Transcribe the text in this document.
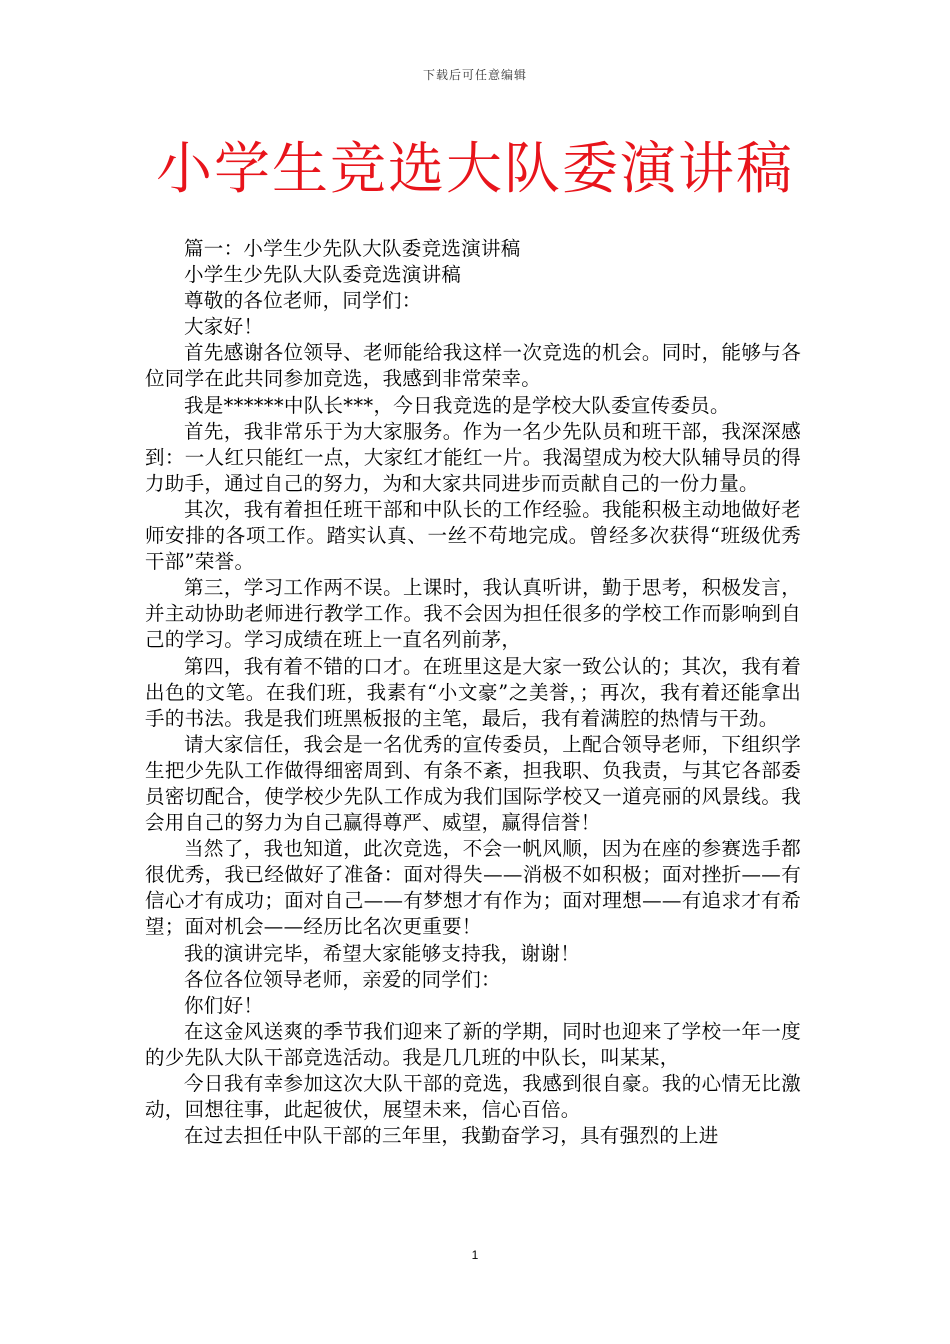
下载后可任意编辑
小学生竞选大队委演讲稿

篇一：小学生少先队大队委竞选演讲稿

小学生少先队大队委竞选演讲稿

尊敬的各位老师，同学们：

大家好！

首先感谢各位领导、老师能给我这样一次竞选的机会。同时，能够与各位同学在此共同参加竞选，我感到非常荣幸。

我是******中队长***，今日我竞选的是学校大队委宣传委员。

首先，我非常乐于为大家服务。作为一名少先队员和班干部，我深深感到：一人红只能红一点，大家红才能红一片。我渴望成为校大队辅导员的得力助手，通过自己的努力，为和大家共同进步而贡献自己的一份力量。

其次，我有着担任班干部和中队长的工作经验。我能积极主动地做好老师安排的各项工作。踏实认真、一丝不苟地完成。曾经多次获得“班级优秀干部”荣誉。

第三，学习工作两不误。上课时，我认真听讲，勤于思考，积极发言，并主动协助老师进行教学工作。我不会因为担任很多的学校工作而影响到自己的学习。学习成绩在班上一直名列前茅，

第四，我有着不错的口才。在班里这是大家一致公认的；其次，我有着出色的文笔。在我们班，我素有“小文豪”之美誉，；再次，我有着还能拿出手的书法。我是我们班黑板报的主笔，最后，我有着满腔的热情与干劲。

请大家信任，我会是一名优秀的宣传委员，上配合领导老师，下组织学生把少先队工作做得细密周到、有条不紊，担我职、负我责，与其它各部委员密切配合，使学校少先队工作成为我们国际学校又一道亮丽的风景线。我会用自己的努力为自己赢得尊严、威望，赢得信誉！

当然了，我也知道，此次竞选，不会一帆风顺，因为在座的参赛选手都很优秀，我已经做好了准备：面对得失——消极不如积极；面对挫折——有信心才有成功；面对自己——有梦想才有作为；面对理想——有追求才有希望；面对机会——经历比名次更重要！

我的演讲完毕，希望大家能够支持我，谢谢！

各位各位领导老师，亲爱的同学们：

你们好！

在这金风送爽的季节我们迎来了新的学期，同时也迎来了学校一年一度的少先队大队干部竞选活动。我是几几班的中队长，叫某某，

今日我有幸参加这次大队干部的竞选，我感到很自豪。我的心情无比激动，回想往事，此起彼伏，展望未来，信心百倍。

在过去担任中队干部的三年里，我勤奋学习，具有强烈的上进

1
